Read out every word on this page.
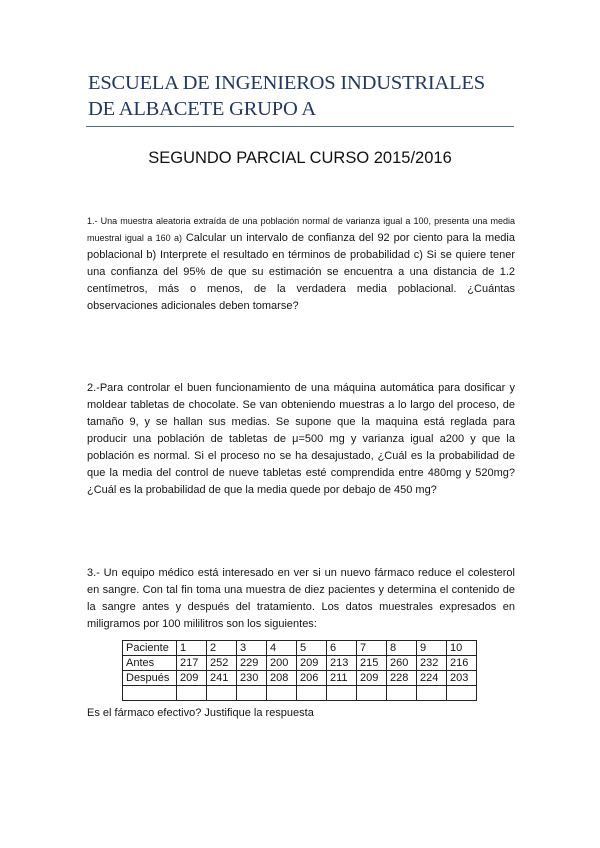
ESCUELA DE INGENIEROS INDUSTRIALES
DE ALBACETE GRUPO A
SEGUNDO PARCIAL CURSO 2015/2016
1.- Una muestra aleatoria extraída de una población normal de varianza igual a 100, presenta una media muestral igual a 160 a) Calcular un intervalo de confianza del 92 por ciento para la media poblacional b) Interprete el resultado en términos de probabilidad c) Si se quiere tener una confianza del 95% de que su estimación se encuentra a una distancia de 1.2 centímetros, más o menos, de la verdadera media poblacional. ¿Cuántas observaciones adicionales deben tomarse?
2.-Para controlar el buen funcionamiento de una máquina automática para dosificar y moldear tabletas de chocolate. Se van obteniendo muestras a lo largo del proceso, de tamaño 9, y se hallan sus medias. Se supone que la maquina está reglada para producir una población de tabletas de μ=500 mg y varianza igual a200 y que la población es normal. Si el proceso no se ha desajustado, ¿Cuál es la probabilidad de que la media del control de nueve tabletas esté comprendida entre 480mg y 520mg? ¿Cuál es la probabilidad de que la media quede por debajo de 450 mg?
3.- Un equipo médico está interesado en ver si un nuevo fármaco reduce el colesterol en sangre. Con tal fin toma una muestra de diez pacientes y determina el contenido de la sangre antes y después del tratamiento. Los datos muestrales expresados en miligramos por 100 mililitros son los siguientes:
Paciente	1	2	3	4	5	6	7	8	9	10
Antes	217	252	229	200	209	213	215	260	232	216
Después	209	241	230	208	206	211	209	228	224	203

Es el fármaco efectivo? Justifique la respuesta
